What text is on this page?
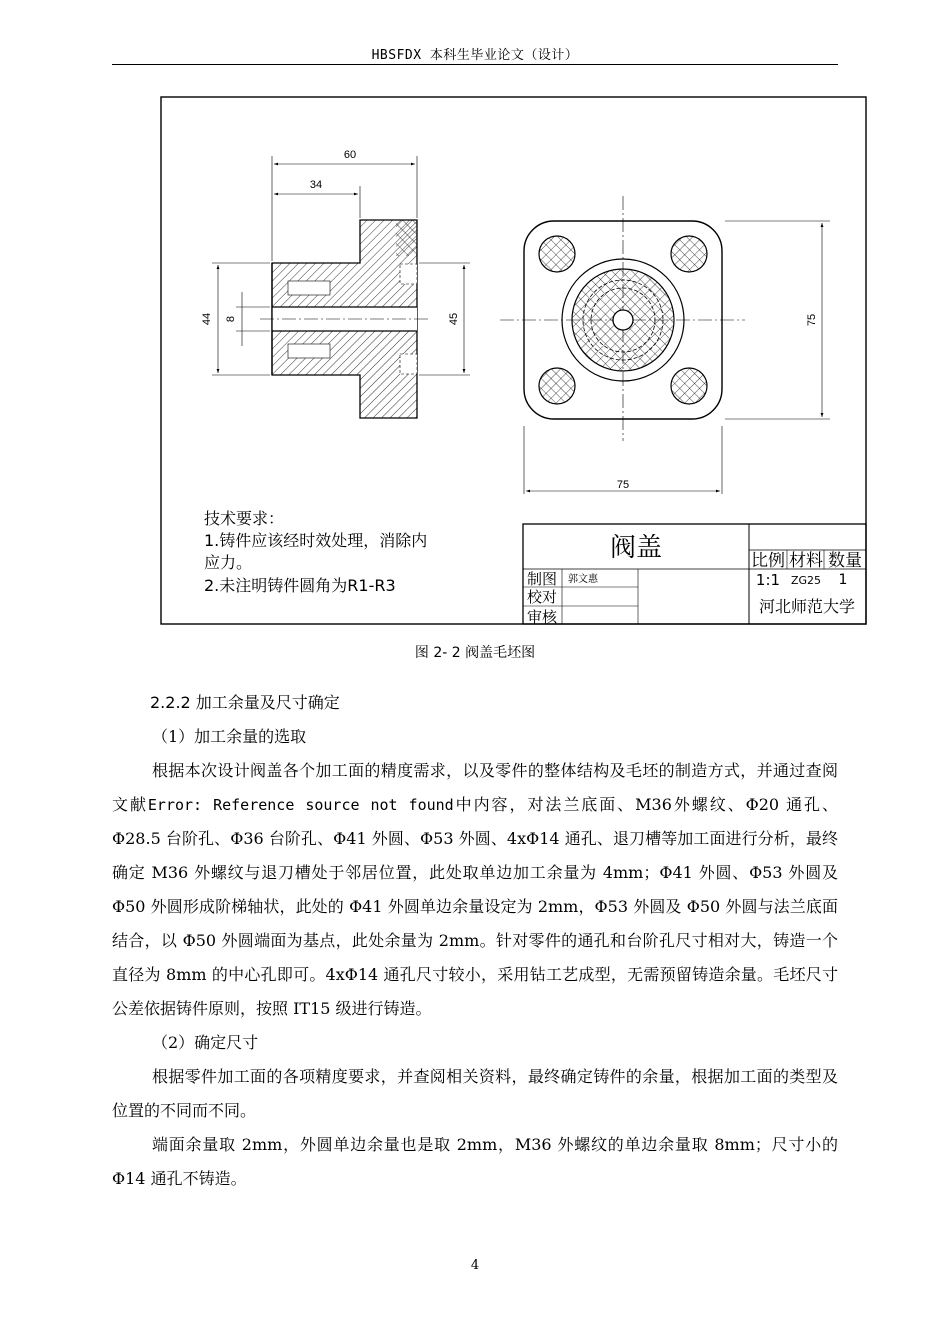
HBSFDX 本科生毕业论文（设计）
60
34
44 8	45
75
75
技术要求：
1.铸件应该经时效处理，消除内
应力。
2.未注明铸件圆角为R1-R3
阀盖	比例 材料 数量
1:1 ZG25 1
制图 郭文惠
校对
审核
河北师范大学
图 2- 2 阀盖毛坯图

2.2.2 加工余量及尺寸确定

（1）加工余量的选取

根据本次设计阀盖各个加工面的精度需求，以及零件的整体结构及毛坯的制造方式，并通过查阅文献Error: Reference source not found中内容，对法兰底面、M36外螺纹、Φ20 通孔、Φ28.5 台阶孔、Φ36 台阶孔、Φ41 外圆、Φ53 外圆、4xΦ14 通孔、退刀槽等加工面进行分析，最终确定 M36 外螺纹与退刀槽处于邻居位置，此处取单边加工余量为 4mm；Φ41 外圆、Φ53 外圆及 Φ50 外圆形成阶梯轴状，此处的 Φ41 外圆单边余量设定为 2mm，Φ53 外圆及 Φ50 外圆与法兰底面结合，以 Φ50 外圆端面为基点，此处余量为 2mm。针对零件的通孔和台阶孔尺寸相对大，铸造一个直径为 8mm 的中心孔即可。4xΦ14 通孔尺寸较小，采用钻工艺成型，无需预留铸造余量。毛坯尺寸公差依据铸件原则，按照 IT15 级进行铸造。

（2）确定尺寸

根据零件加工面的各项精度要求，并查阅相关资料，最终确定铸件的余量，根据加工面的类型及位置的不同而不同。

端面余量取 2mm，外圆单边余量也是取 2mm，M36 外螺纹的单边余量取 8mm；尺寸小的 Φ14 通孔不铸造。

4
